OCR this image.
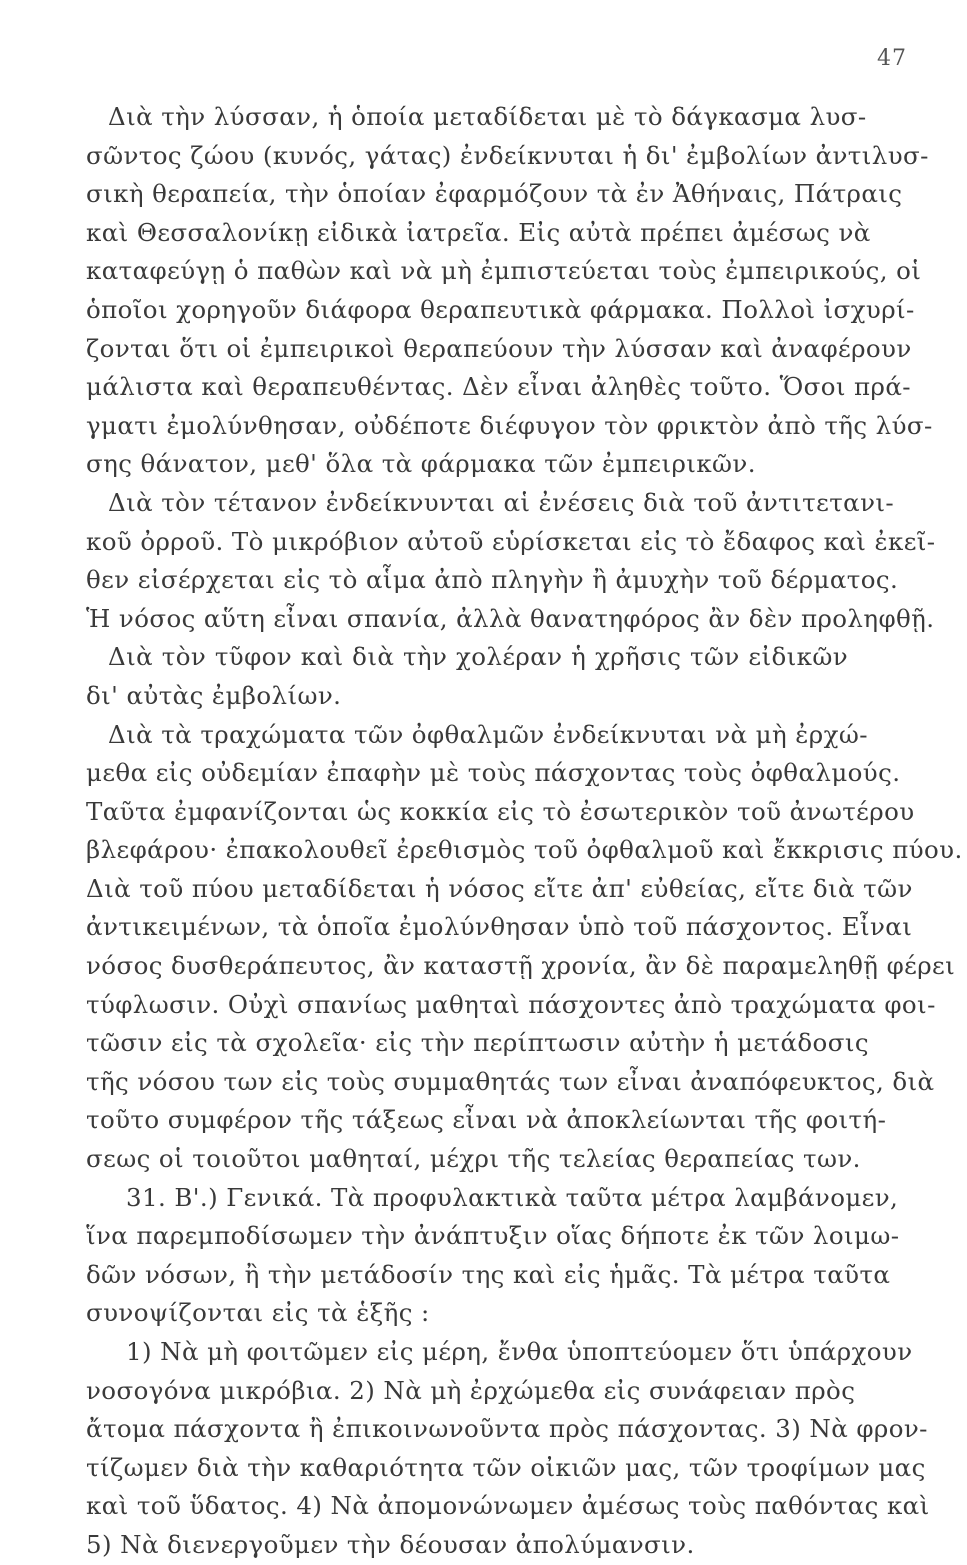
47
Διὰ τὴν λύσσαν, ἡ ὁποία μεταδίδεται μὲ τὸ δάγκασμα λυσ-
σῶντος ζώου (κυνός, γάτας) ἐνδείκνυται ἡ δι' ἐμβολίων ἀντιλυσ-
σικὴ θεραπεία, τὴν ὁποίαν ἐφαρμόζουν τὰ ἐν Ἀθήναις, Πάτραις
καὶ Θεσσαλονίκῃ εἰδικὰ ἰατρεῖα. Εἰς αὐτὰ πρέπει ἀμέσως νὰ
καταφεύγῃ ὁ παθὼν καὶ νὰ μὴ ἐμπιστεύεται τοὺς ἐμπειρικούς, οἱ
ὁποῖοι χορηγοῦν διάφορα θεραπευτικὰ φάρμακα. Πολλοὶ ἰσχυρί-
ζονται ὅτι οἱ ἐμπειρικοὶ θεραπεύουν τὴν λύσσαν καὶ ἀναφέρουν
μάλιστα καὶ θεραπευθέντας. Δὲν εἶναι ἀληθὲς τοῦτο. Ὅσοι πρά-
γματι ἐμολύνθησαν, οὐδέποτε διέφυγον τὸν φρικτὸν ἀπὸ τῆς λύσ-
σης θάνατον, μεθ' ὅλα τὰ φάρμακα τῶν ἐμπειρικῶν.
Διὰ τὸν τέτανον ἐνδείκνυνται αἱ ἐνέσεις διὰ τοῦ ἀντιτετανι-
κοῦ ὀρροῦ. Τὸ μικρόβιον αὐτοῦ εὑρίσκεται εἰς τὸ ἔδαφος καὶ ἐκεῖ-
θεν εἰσέρχεται εἰς τὸ αἷμα ἀπὸ πληγὴν ἢ ἀμυχὴν τοῦ δέρματος.
Ἡ νόσος αὕτη εἶναι σπανία, ἀλλὰ θανατηφόρος ἂν δὲν προληφθῇ.
Διὰ τὸν τῦφον καὶ διὰ τὴν χολέραν ἡ χρῆσις τῶν εἰδικῶν
δι' αὐτὰς ἐμβολίων.
Διὰ τὰ τραχώματα τῶν ὀφθαλμῶν ἐνδείκνυται νὰ μὴ ἐρχώ-
μεθα εἰς οὐδεμίαν ἐπαφὴν μὲ τοὺς πάσχοντας τοὺς ὀφθαλμούς.
Ταῦτα ἐμφανίζονται ὡς κοκκία εἰς τὸ ἐσωτερικὸν τοῦ ἀνωτέρου
βλεφάρου· ἐπακολουθεῖ ἐρεθισμὸς τοῦ ὀφθαλμοῦ καὶ ἔκκρισις πύου.
Διὰ τοῦ πύου μεταδίδεται ἡ νόσος εἴτε ἀπ' εὐθείας, εἴτε διὰ τῶν
ἀντικειμένων, τὰ ὁποῖα ἐμολύνθησαν ὑπὸ τοῦ πάσχοντος. Εἶναι
νόσος δυσθεράπευτος, ἂν καταστῇ χρονία, ἂν δὲ παραμεληθῇ φέρει
τύφλωσιν. Οὐχὶ σπανίως μαθηταὶ πάσχοντες ἀπὸ τραχώματα φοι-
τῶσιν εἰς τὰ σχολεῖα· εἰς τὴν περίπτωσιν αὐτὴν ἡ μετάδοσις
τῆς νόσου των εἰς τοὺς συμμαθητάς των εἶναι ἀναπόφευκτος, διὰ
τοῦτο συμφέρον τῆς τάξεως εἶναι νὰ ἀποκλείωνται τῆς φοιτή-
σεως οἱ τοιοῦτοι μαθηταί, μέχρι τῆς τελείας θεραπείας των.
31. Β'.) Γενικά. Τὰ προφυλακτικὰ ταῦτα μέτρα λαμβάνομεν,
ἵνα παρεμποδίσωμεν τὴν ἀνάπτυξιν οἵας δήποτε ἐκ τῶν λοιμω-
δῶν νόσων, ἢ τὴν μετάδοσίν της καὶ εἰς ἡμᾶς. Τὰ μέτρα ταῦτα
συνοψίζονται εἰς τὰ ἑξῆς :
1) Νὰ μὴ φοιτῶμεν εἰς μέρη, ἔνθα ὑποπτεύομεν ὅτι ὑπάρχουν
νοσογόνα μικρόβια. 2) Νὰ μὴ ἐρχώμεθα εἰς συνάφειαν πρὸς
ἄτομα πάσχοντα ἢ ἐπικοινωνοῦντα πρὸς πάσχοντας. 3) Νὰ φρον-
τίζωμεν διὰ τὴν καθαριότητα τῶν οἰκιῶν μας, τῶν τροφίμων μας
καὶ τοῦ ὕδατος. 4) Νὰ ἀπομονώνωμεν ἀμέσως τοὺς παθόντας καὶ
5) Νὰ διενεργοῦμεν τὴν δέουσαν ἀπολύμανσιν.
